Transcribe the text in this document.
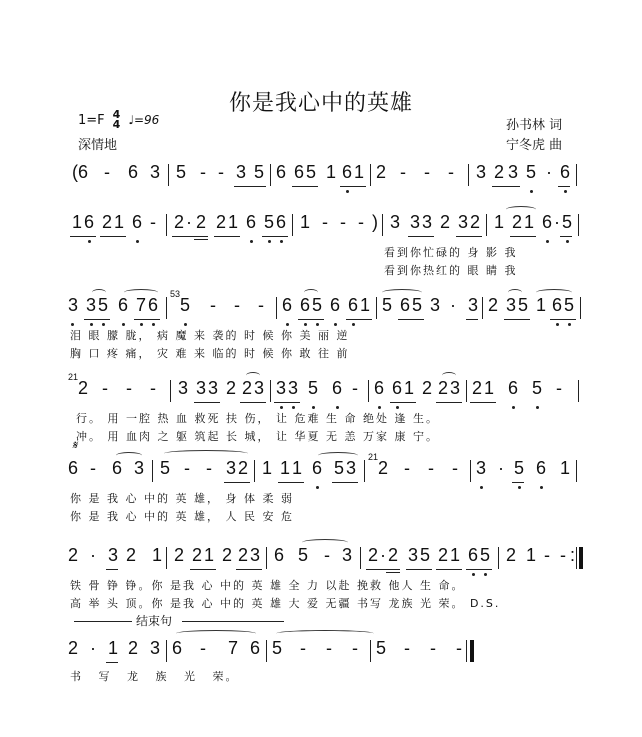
你是我心中的英雄
1=F 4
4 ♩=96
深情地
孙书林 词
宁冬虎 曲
(6 - 6 3 5 - - 3 5 6 6 5 1 6 1 2 - - - 3 2 3 5 · 6
1 6 2 1 6 - 2 · 2 2 1 6 5 6 1 - - - ) 3 3 3 2 3 2 1 2 1 6 · 5
看到你忙碌的 身 影 我
看到你热红的 眼 睛 我
3 3 5 6 7 6
53
5 - - - 6 6 5 6 6 1 5 6 5 3 · 3 2 3 5 1 6 5
泪 眼 朦 胧， 病 魔 来 袭的 时 候 你 美 丽 逆
胸 口 疼 痛， 灾 难 来 临的 时 候 你 敢 往 前
21
2 - - - 3 3 3 2 2 3 3 3 5 6 - 6 6 1 2 2 3 2 1 6 5 -
行。 用 一腔 热 血 救死 扶 伤， 让 危难 生 命 绝处 逢 生。
冲。 用 血肉 之 躯 筑起 长 城， 让 华夏 无 恙 万家 康 宁。
𝄋
6 - 6 3 5 - - 3 2 1 1 1 6 5 3
21
2 - - - 3 · 5 6 1
你 是 我 心 中的 英 雄， 身 体 柔 弱
你 是 我 心 中的 英 雄， 人 民 安 危
2 · 3 2 1 2 2 1 2 2 3 6 5 - 3 2 · 2 3 5 2 1 6 5 2 1 - - :
铁 骨 铮 铮。你 是我 心 中的 英 雄 全 力 以赴 挽救 他人 生 命。
高 举 头 顶。你 是我 心 中的 英 雄 大 爱 无疆 书写 龙族 光 荣。 D.S.
结束句
2 · 1 2 3 6 - 7 6 5 - - - 5 - - -
书 写 龙 族 光 荣。
